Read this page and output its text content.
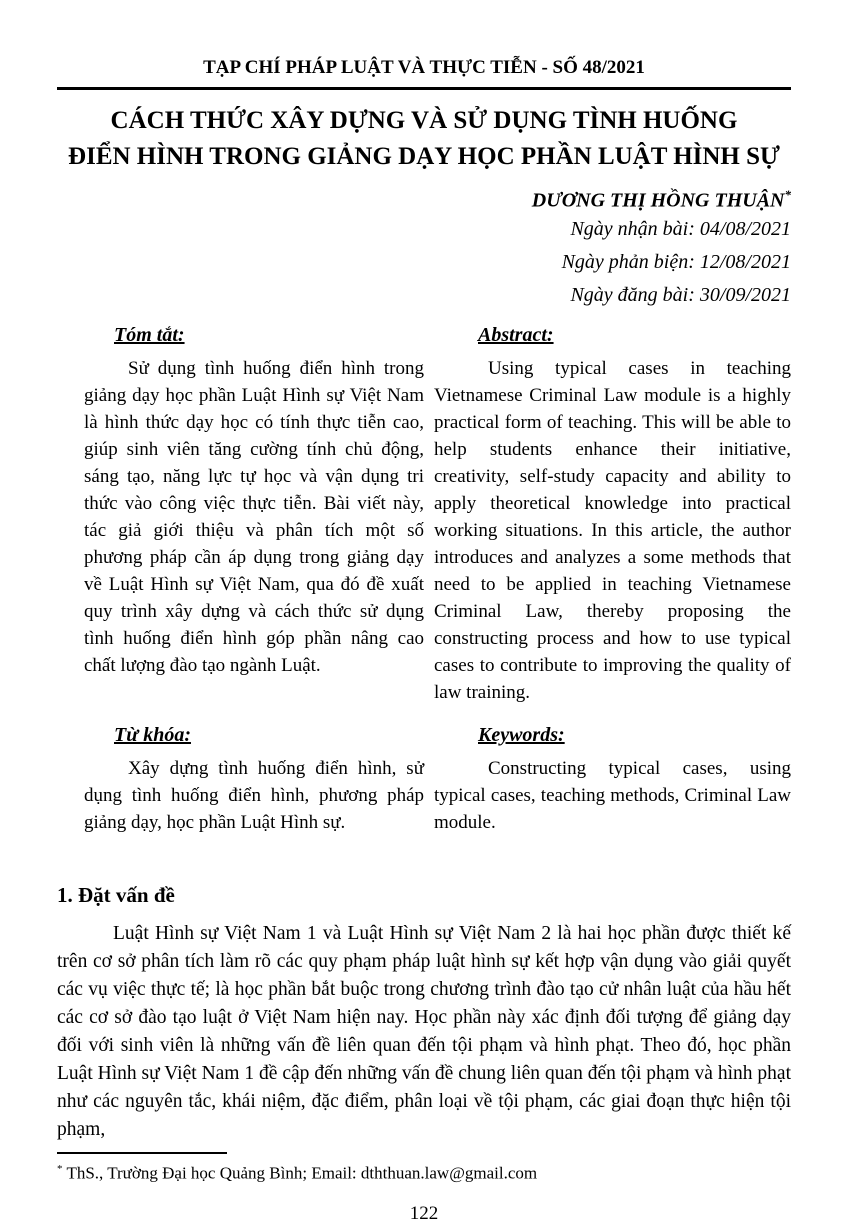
TẠP CHÍ PHÁP LUẬT VÀ THỰC TIỄN - SỐ 48/2021
CÁCH THỨC XÂY DỰNG VÀ SỬ DỤNG TÌNH HUỐNG
ĐIỂN HÌNH TRONG GIẢNG DẠY HỌC PHẦN LUẬT HÌNH SỰ
DƯƠNG THỊ HỒNG THUẬN*
Ngày nhận bài: 04/08/2021
Ngày phản biện: 12/08/2021
Ngày đăng bài: 30/09/2021
Tóm tắt:
Sử dụng tình huống điển hình trong giảng dạy học phần Luật Hình sự Việt Nam là hình thức dạy học có tính thực tiễn cao, giúp sinh viên tăng cường tính chủ động, sáng tạo, năng lực tự học và vận dụng tri thức vào công việc thực tiễn. Bài viết này, tác giả giới thiệu và phân tích một số phương pháp cần áp dụng trong giảng dạy về Luật Hình sự Việt Nam, qua đó đề xuất quy trình xây dựng và cách thức sử dụng tình huống điển hình góp phần nâng cao chất lượng đào tạo ngành Luật.
Abstract:
Using typical cases in teaching Vietnamese Criminal Law module is a highly practical form of teaching. This will be able to help students enhance their initiative, creativity, self-study capacity and ability to apply theoretical knowledge into practical working situations. In this article, the author introduces and analyzes a some methods that need to be applied in teaching Vietnamese Criminal Law, thereby proposing the constructing process and how to use typical cases to contribute to improving the quality of law training.
Từ khóa:
Xây dựng tình huống điển hình, sử dụng tình huống điển hình, phương pháp giảng dạy, học phần Luật Hình sự.
Keywords:
Constructing typical cases, using typical cases, teaching methods, Criminal Law module.
1. Đặt vấn đề
Luật Hình sự Việt Nam 1 và Luật Hình sự Việt Nam 2 là hai học phần được thiết kế trên cơ sở phân tích làm rõ các quy phạm pháp luật hình sự kết hợp vận dụng vào giải quyết các vụ việc thực tế; là học phần bắt buộc trong chương trình đào tạo cử nhân luật của hầu hết các cơ sở đào tạo luật ở Việt Nam hiện nay. Học phần này xác định đối tượng để giảng dạy đối với sinh viên là những vấn đề liên quan đến tội phạm và hình phạt. Theo đó, học phần Luật Hình sự Việt Nam 1 đề cập đến những vấn đề chung liên quan đến tội phạm và hình phạt như các nguyên tắc, khái niệm, đặc điểm, phân loại về tội phạm, các giai đoạn thực hiện tội phạm,
* ThS., Trường Đại học Quảng Bình; Email: dththuan.law@gmail.com
122
